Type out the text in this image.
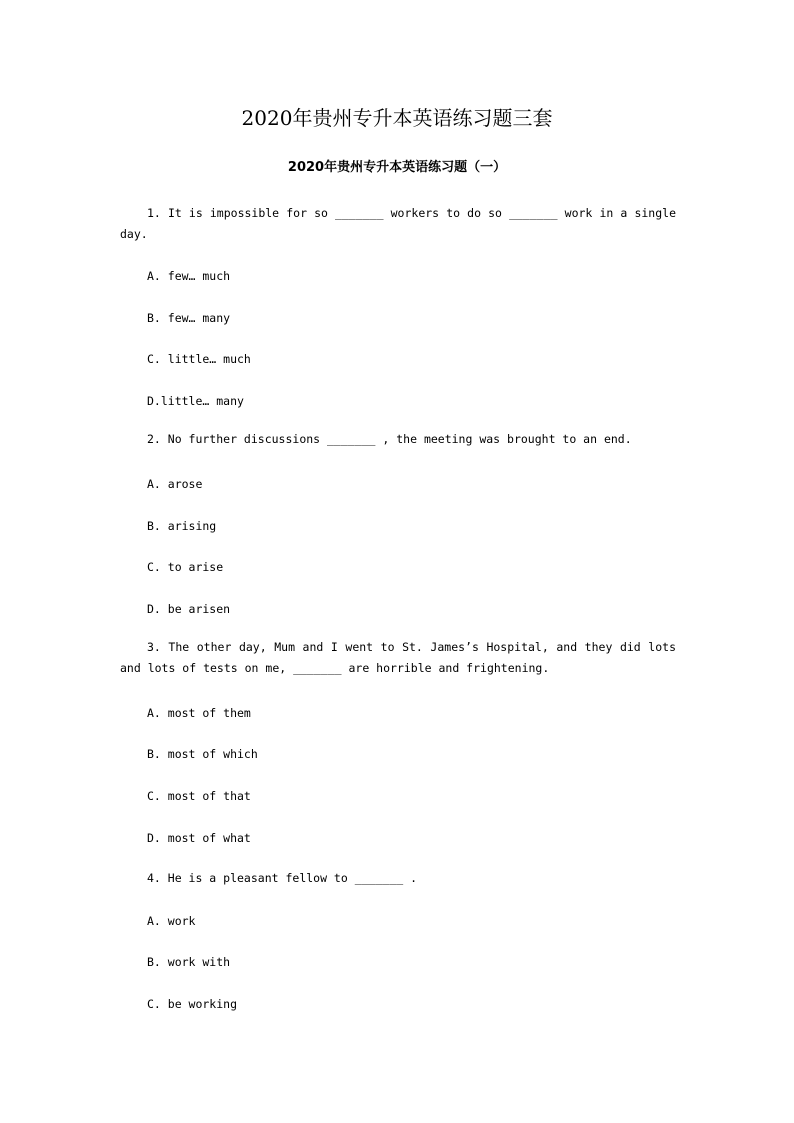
2020年贵州专升本英语练习题三套
2020年贵州专升本英语练习题（一）
1. It is impossible for so _______ workers to do so _______ work in a single day.
A. few… much
B. few… many
C. little… much
D.little… many
2. No further discussions _______ , the meeting was brought to an end.
A. arose
B. arising
C. to arise
D. be arisen
3. The other day, Mum and I went to St. James’s Hospital, and they did lots and lots of tests on me, _______ are horrible and frightening.
A. most of them
B. most of which
C. most of that
D. most of what
4. He is a pleasant fellow to _______ .
A. work
B. work with
C. be working
